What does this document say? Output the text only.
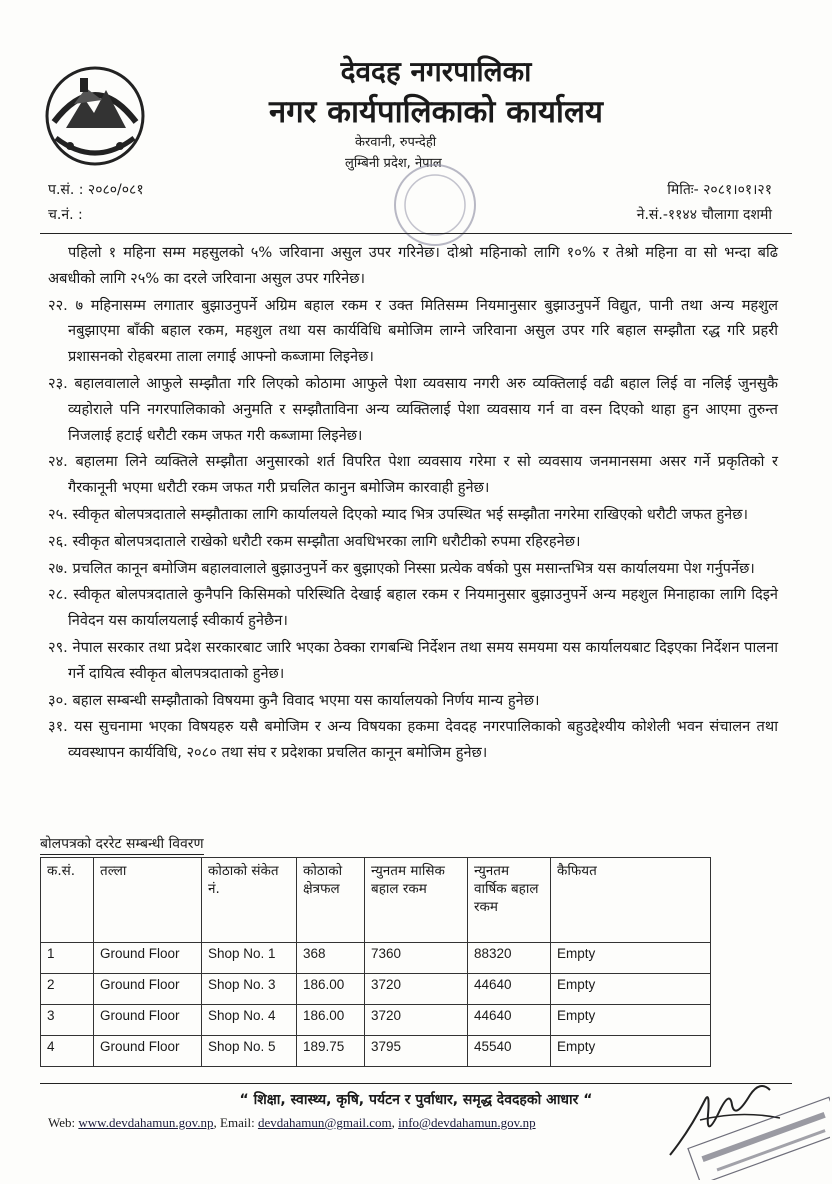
देवदह नगरपालिका
नगर कार्यपालिकाको कार्यालय
केरवानी, रुपन्देही
लुम्बिनी प्रदेश, नेपाल
प.सं. : २०८०/०८१
च.नं. :
मितिः- २०८१।०१।२१
ने.सं.-११४४ चौलागा दशमी

पहिलो १ महिना सम्म महसुलको ५% जरिवाना असुल उपर गरिनेछ। दोश्रो महिनाको लागि १०% र तेश्रो महिना वा सो भन्दा बढि अबधीको लागि २५% का दरले जरिवाना असुल उपर गरिनेछ।

२२. ७ महिनासम्म लगातार बुझाउनुपर्ने अग्रिम बहाल रकम र उक्त मितिसम्म नियमानुसार बुझाउनुपर्ने विद्युत, पानी तथा अन्य महशुल नबुझाएमा बाँकी बहाल रकम, महशुल तथा यस कार्यविधि बमोजिम लाग्ने जरिवाना असुल उपर गरि बहाल सम्झौता रद्ध गरि प्रहरी प्रशासनको रोहबरमा ताला लगाई आफ्नो कब्जामा लिइनेछ।

२३. बहालवालाले आफुले सम्झौता गरि लिएको कोठामा आफुले पेशा व्यवसाय नगरी अरु व्यक्तिलाई वढी बहाल लिई वा नलिई जुनसुकै व्यहोराले पनि नगरपालिकाको अनुमति र सम्झौताविना अन्य व्यक्तिलाई पेशा व्यवसाय गर्न वा वस्न दिएको थाहा हुन आएमा तुरुन्त निजलाई हटाई धरौटी रकम जफत गरी कब्जामा लिइनेछ।

२४. बहालमा लिने व्यक्तिले सम्झौता अनुसारको शर्त विपरित पेशा व्यवसाय गरेमा र सो व्यवसाय जनमानसमा असर गर्ने प्रकृतिको र गैरकानूनी भएमा धरौटी रकम जफत गरी प्रचलित कानुन बमोजिम कारवाही हुनेछ।

२५. स्वीकृत बोलपत्रदाताले सम्झौताका लागि कार्यालयले दिएको म्याद भित्र उपस्थित भई सम्झौता नगरेमा राखिएको धरौटी जफत हुनेछ।

२६. स्वीकृत बोलपत्रदाताले राखेको धरौटी रकम सम्झौता अवधिभरका लागि धरौटीको रुपमा रहिरहनेछ।

२७. प्रचलित कानून बमोजिम बहालवालाले बुझाउनुपर्ने कर बुझाएको निस्सा प्रत्येक वर्षको पुस मसान्तभित्र यस कार्यालयमा पेश गर्नुपर्नेछ।

२८. स्वीकृत बोलपत्रदाताले कुनैपनि किसिमको परिस्थिति देखाई बहाल रकम र नियमानुसार बुझाउनुपर्ने अन्य महशुल मिनाहाका लागि दिइने निवेदन यस कार्यालयलाई स्वीकार्य हुनेछैन।

२९. नेपाल सरकार तथा प्रदेश सरकारबाट जारि भएका ठेक्का रागबन्धि निर्देशन तथा समय समयमा यस कार्यालयबाट दिइएका निर्देशन पालना गर्ने दायित्व स्वीकृत बोलपत्रदाताको हुनेछ।

३०. बहाल सम्बन्धी सम्झौताको विषयमा कुनै विवाद भएमा यस कार्यालयको निर्णय मान्य हुनेछ।

३१. यस सुचनामा भएका विषयहरु यसै बमोजिम र अन्य विषयका हकमा देवदह नगरपालिकाको बहुउद्देश्यीय कोशेली भवन संचालन तथा व्यवस्थापन कार्यविधि, २०८० तथा संघ र प्रदेशका प्रचलित कानून बमोजिम हुनेछ।

बोलपत्रको दररेट सम्बन्धी विवरण
क.सं.	तल्ला	कोठाको संकेत नं.	कोठाको क्षेत्रफल	न्युनतम मासिक बहाल रकम	न्युनतम वार्षिक बहाल रकम	कैफियत
1	Ground Floor	Shop No. 1	368	7360	88320	Empty
2	Ground Floor	Shop No. 3	186.00	3720	44640	Empty
3	Ground Floor	Shop No. 4	186.00	3720	44640	Empty
4	Ground Floor	Shop No. 5	189.75	3795	45540	Empty
“ शिक्षा, स्वास्थ्य, कृषि, पर्यटन र पुर्वाधार, समृद्ध देवदहको आधार “
Web: www.devdahamun.gov.np, Email: devdahamun@gmail.com, info@devdahamun.gov.np
